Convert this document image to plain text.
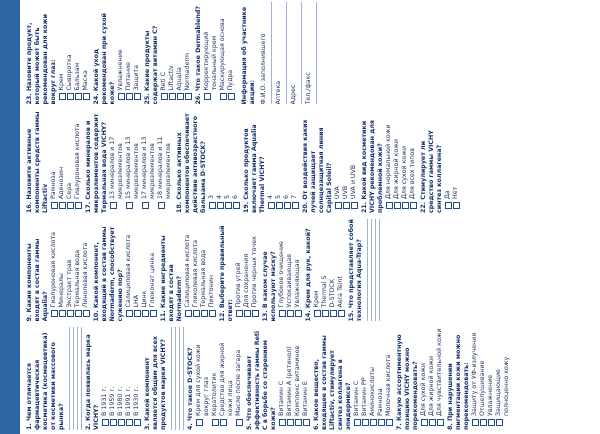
1. Чем отличается фармацевтическая косметика (космецевтика) от косметики массового рынка?	2. Когда появилась марка VICHY?
В 1931 г. В 1959 г. В 1980 г. В 1991 г. В 1930 г. 3. Какой компонент является общим для всех продуктов марки VICHY?	4. Что такое D-STOCK? Крем для сухой кожи вокруг глаз Кератолитик Средство для жирной кожи лица Масло после загара 5. Что обеспечивает эффективность гаммы Reti C в борьбе со старением кожи?
Витамин С Витамин А (ретинол) Комплекс витаминов Витамин Е 6. Какое вещество, входящее в состав гаммы Liftactiv, стимулирует синтез коллагена в эпидермисе? Витамин С Витамин РР Аминокислоты Рамноза Молочная кислота 7. Какую ассортиментную позицию VICHY можно порекомендовать? Для сухой кожи Для жирной кожи Для чувствительной кожи 8. При нарушении пигментации кожи можно порекомендовать: Защиту от УФ-излучения Отшелушивание Увлажнение Защищающие полноценно кожу
9. Какие компоненты входят в состав гаммы Aqualia? Гиалуроновая кислота Минералы Экстракт трав Термальная вода Линолевая кислота 10. Какой компонент, входящий в состав гаммы Normaderm, способствует сужению пор? Салициловая кислота LHA Цинк Глюконат цинка 11. Какие ингредиенты входят в состав Normaderm? Салициловая кислота Гликолевая кислота Термальная вода Пиктонин 12. Выберите правильный ответ:
Против угрей Для сохранения Против черных точек 13. В каком случае используют маску? Глубокое очищение Успокаивающая Увлажняющая 14. Крем для рук, какой? Крем Thermal S D-STOCK Aera Teint 15. Что представляет собой технология Aqua-Trap?
16. Назовите активные компоненты средств гаммы Liftactiv Рамноза Аденозин Сера Гиалуроновая кислота 17. Сколько минералов и микроэлементов содержит Термальная вода VICHY? 13 минералов и 17 микроэлементов 15 минералов и 13 микроэлементов 17 минералов и 13 микроэлементов 18 минералов и 11 микроэлементов 18. Сколько активных компонентов обеспечивает действие антивозрастного бальзама D-STOCK? 3 4 5 6 19. Сколько продуктов включает гамма Aqualia Thermal VICHY? 4 5 6 7 20. От воздействия каких лучей защищает солнцезащитная линия Capital Soleil? UVA UVB UVA и UVB 21. Какой вид косметики VICHY рекомендован для проблемной кожи? Для нормальной кожи Для жирной кожи Для сухой кожи Для всех типов 22. Стимулирует ли средство гаммы VICHY синтез коллагена? Да Нет
23. Назовите продукт, который может быть рекомендован для кожи вокруг глаз: Крем Сыворотка Бальзам Маска 24. Какой уход рекомендован при сухой коже?
Увлажнение Питание Защита 25. Какие продукты содержат витамин C? Reti C Liftactiv Aqualia Normaderm 26. Что такое Dermablend? Корректирующий тональный крем Маскирующая основа Пудра Информация об участнике акции: Ф.И.О. заполнившего Аптека Адрес Тел./факс
